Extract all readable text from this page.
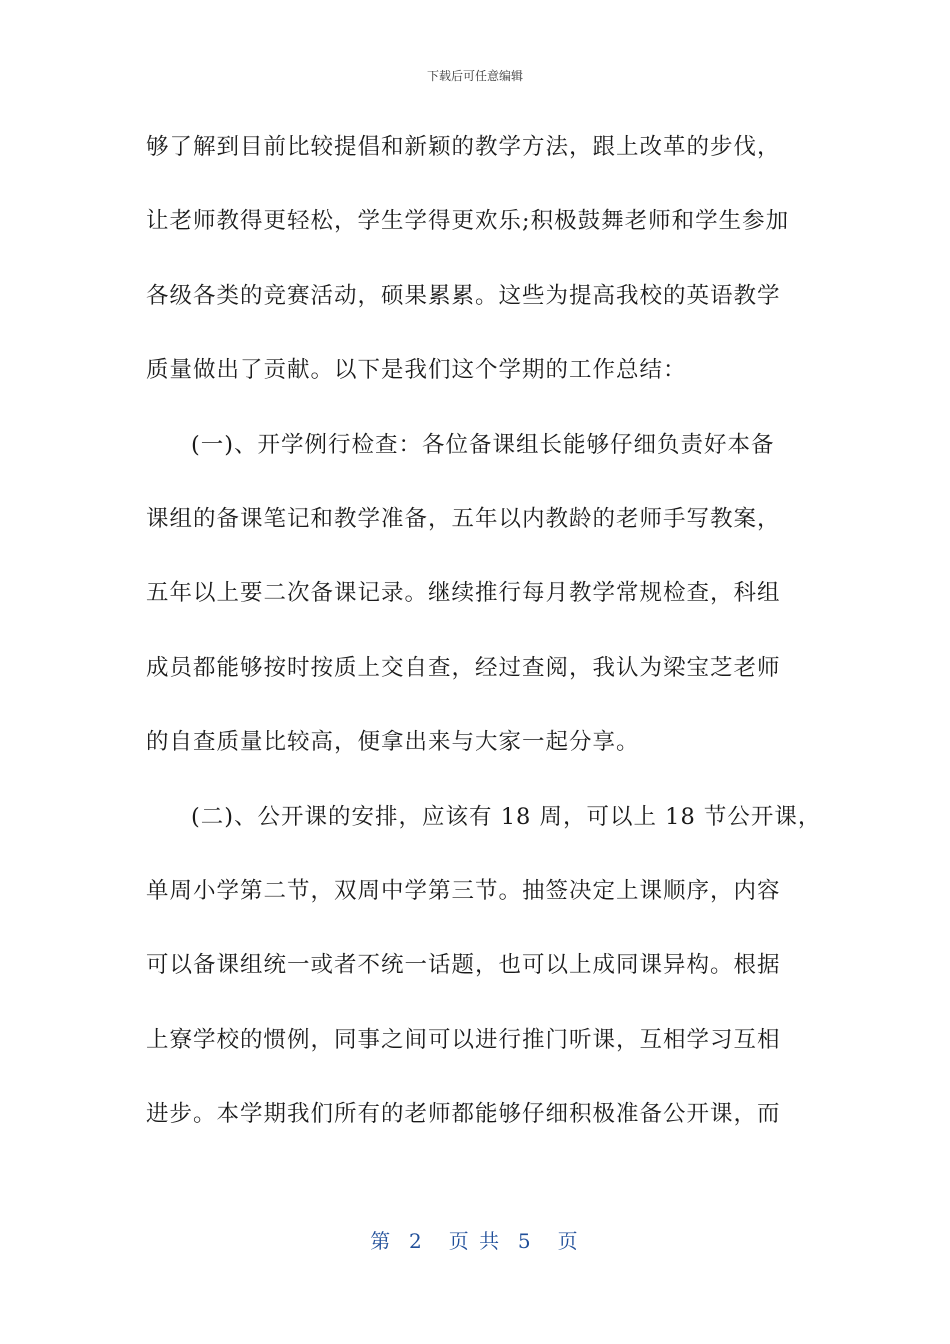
下载后可任意编辑
够了解到目前比较提倡和新颖的教学方法，跟上改革的步伐，
让老师教得更轻松，学生学得更欢乐;积极鼓舞老师和学生参加
各级各类的竞赛活动，硕果累累。这些为提高我校的英语教学
质量做出了贡献。以下是我们这个学期的工作总结：
(一)、开学例行检查：各位备课组长能够仔细负责好本备
课组的备课笔记和教学准备，五年以内教龄的老师手写教案，
五年以上要二次备课记录。继续推行每月教学常规检查，科组
成员都能够按时按质上交自查，经过查阅，我认为梁宝芝老师
的自查质量比较高，便拿出来与大家一起分享。
(二)、公开课的安排，应该有 18 周，可以上 18 节公开课，
单周小学第二节，双周中学第三节。抽签决定上课顺序，内容
可以备课组统一或者不统一话题，也可以上成同课异构。根据
上寮学校的惯例，同事之间可以进行推门听课，互相学习互相
进步。本学期我们所有的老师都能够仔细积极准备公开课，而
第  2   页 共  5   页
